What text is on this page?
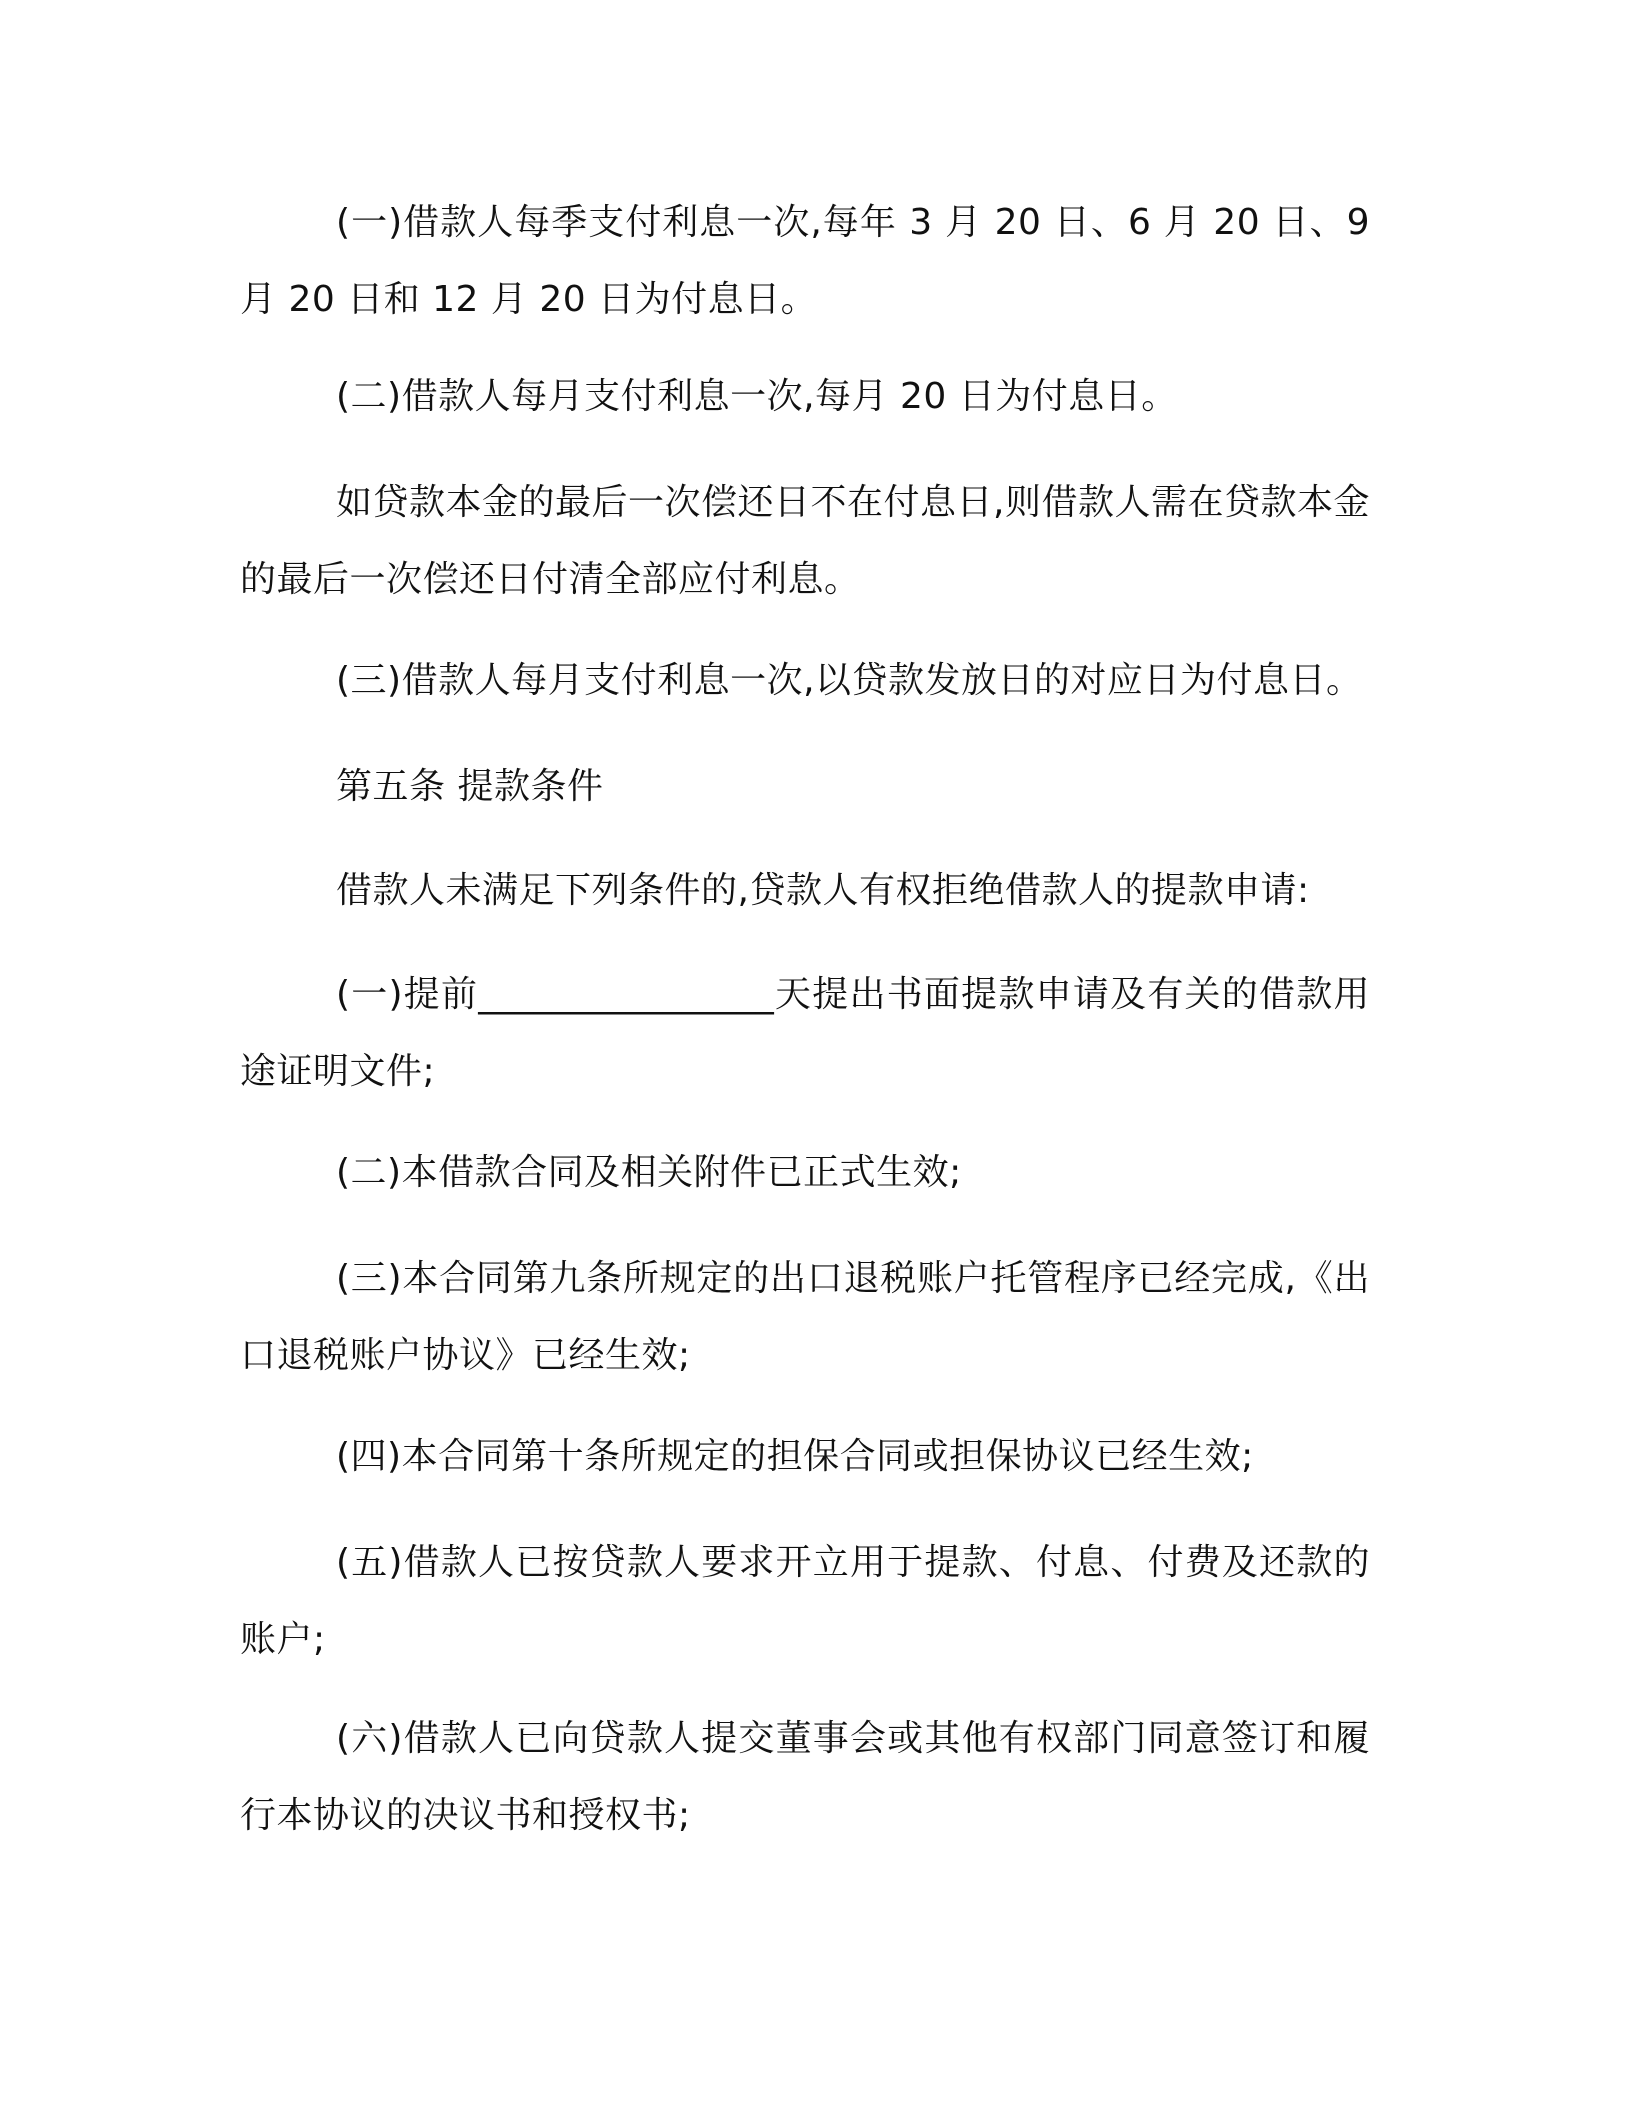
(一)借款人每季支付利息一次,每年 3 月 20 日、6 月 20 日、9 月 20 日和 12 月 20 日为付息日。

(二)借款人每月支付利息一次,每月 20 日为付息日。

如贷款本金的最后一次偿还日不在付息日,则借款人需在贷款本金的最后一次偿还日付清全部应付利息。

(三)借款人每月支付利息一次,以贷款发放日的对应日为付息日。

第五条 提款条件

借款人未满足下列条件的,贷款人有权拒绝借款人的提款申请:

(一)提前________________天提出书面提款申请及有关的借款用途证明文件;

(二)本借款合同及相关附件已正式生效;

(三)本合同第九条所规定的出口退税账户托管程序已经完成,《出口退税账户协议》已经生效;

(四)本合同第十条所规定的担保合同或担保协议已经生效;

(五)借款人已按贷款人要求开立用于提款、付息、付费及还款的账户;

(六)借款人已向贷款人提交董事会或其他有权部门同意签订和履行本协议的决议书和授权书;
